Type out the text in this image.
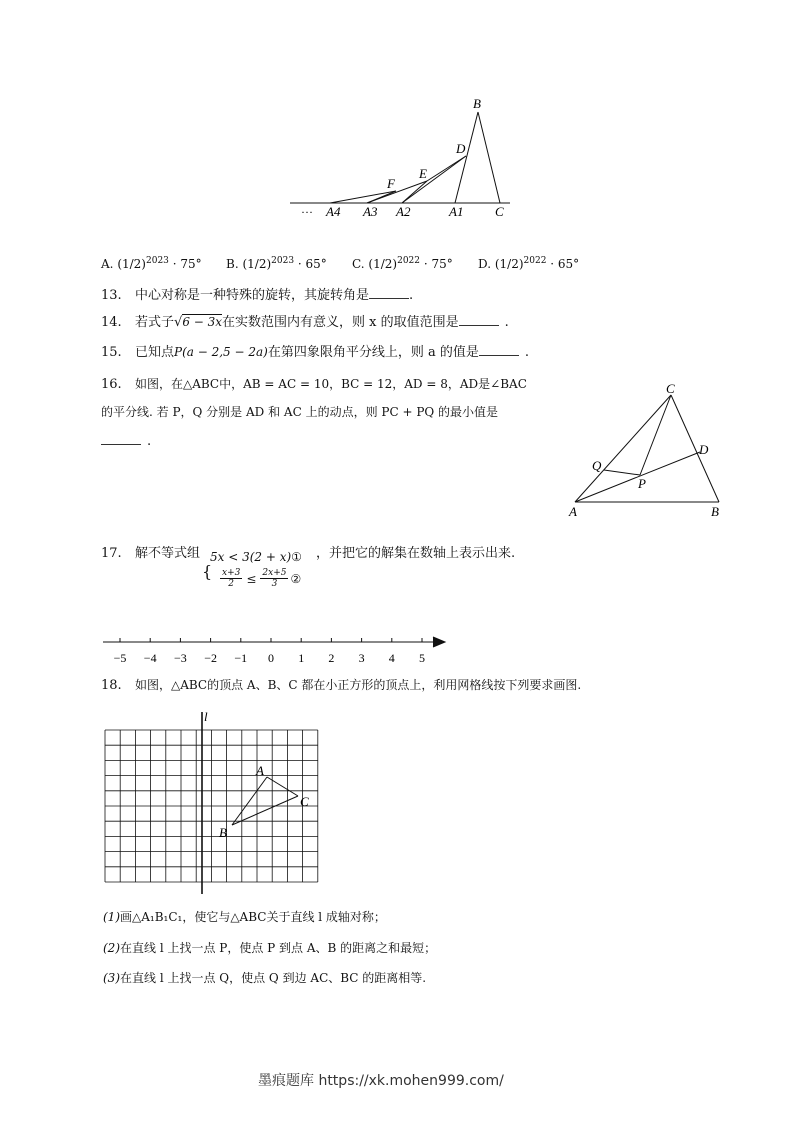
B
D
E
F
··· A4 A3 A2	A1 C
A. $(1/2)^{2023} \cdot 75^\circ$ B. $(1/2)^{2023} \cdot 65^\circ$ C. $(1/2)^{2022} \cdot 75^\circ$ D. $(1/2)^{2022} \cdot 65^\circ$
13. 中心对称是一种特殊的旋转，其旋转角是	.
14. 若式子√6 − 3𝑥在实数范围内有意义，则 x 的取值范围是	.
15. 已知点P(a − 2,5 − 2a)在第四象限角平分线上，则 a 的值是	.
16. 如图，在△ABC中，AB = AC = 10，BC = 12，AD = 8，AD是∠BAC
的平分线. 若 P，Q 分别是 AD 和 AC 上的动点，则 PC + PQ 的最小值是
.
C
D
Q
P
A	B
17. 解不等式组 5x < 3(2 + x)① ，并把它的解集在数轴上表示出来.
{ $\frac{x+3}{2} \le \frac{2x+5}{3}$ ②
−5 −4 −3 −2 −1 0 1 2 3 4 5
18. 如图，△ABC的顶点 A、B、C 都在小正方形的顶点上，利用网格线按下列要求画图.
l
A
C
B
(1)画△A₁B₁C₁，使它与△ABC关于直线 l 成轴对称；
(2)在直线 l 上找一点 P，使点 P 到点 A、B 的距离之和最短；
(3)在直线 l 上找一点 Q，使点 Q 到边 AC、BC 的距离相等.
墨痕题库 https://xk.mohen999.com/
